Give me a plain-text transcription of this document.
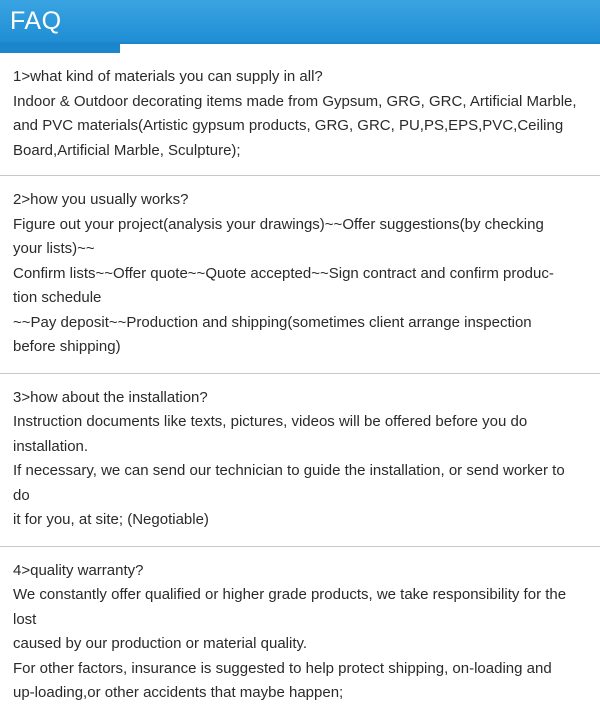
FAQ

1>what kind of materials you can supply in all?

Indoor & Outdoor decorating items made from Gypsum, GRG, GRC, Artificial Marble,

and PVC materials(Artistic gypsum products, GRG, GRC, PU,PS,EPS,PVC,Ceiling

Board,Artificial Marble, Sculpture);

2>how you usually works?

Figure out your project(analysis your drawings)~~Offer suggestions(by checking

your lists)~~

Confirm lists~~Offer quote~~Quote accepted~~Sign contract and confirm produc-

tion schedule

~~Pay deposit~~Production and shipping(sometimes client arrange inspection

before shipping)

3>how about the installation?

Instruction documents like texts, pictures, videos will be offered before you do

installation.

If necessary, we can send our technician to guide the installation, or send worker to

do

it for you, at site; (Negotiable)

4>quality warranty?

We constantly offer qualified or higher grade products, we take responsibility for the

lost

caused by our production or material quality.

For other factors, insurance is suggested to help protect shipping, on-loading and

up-loading,or other accidents that maybe happen;
